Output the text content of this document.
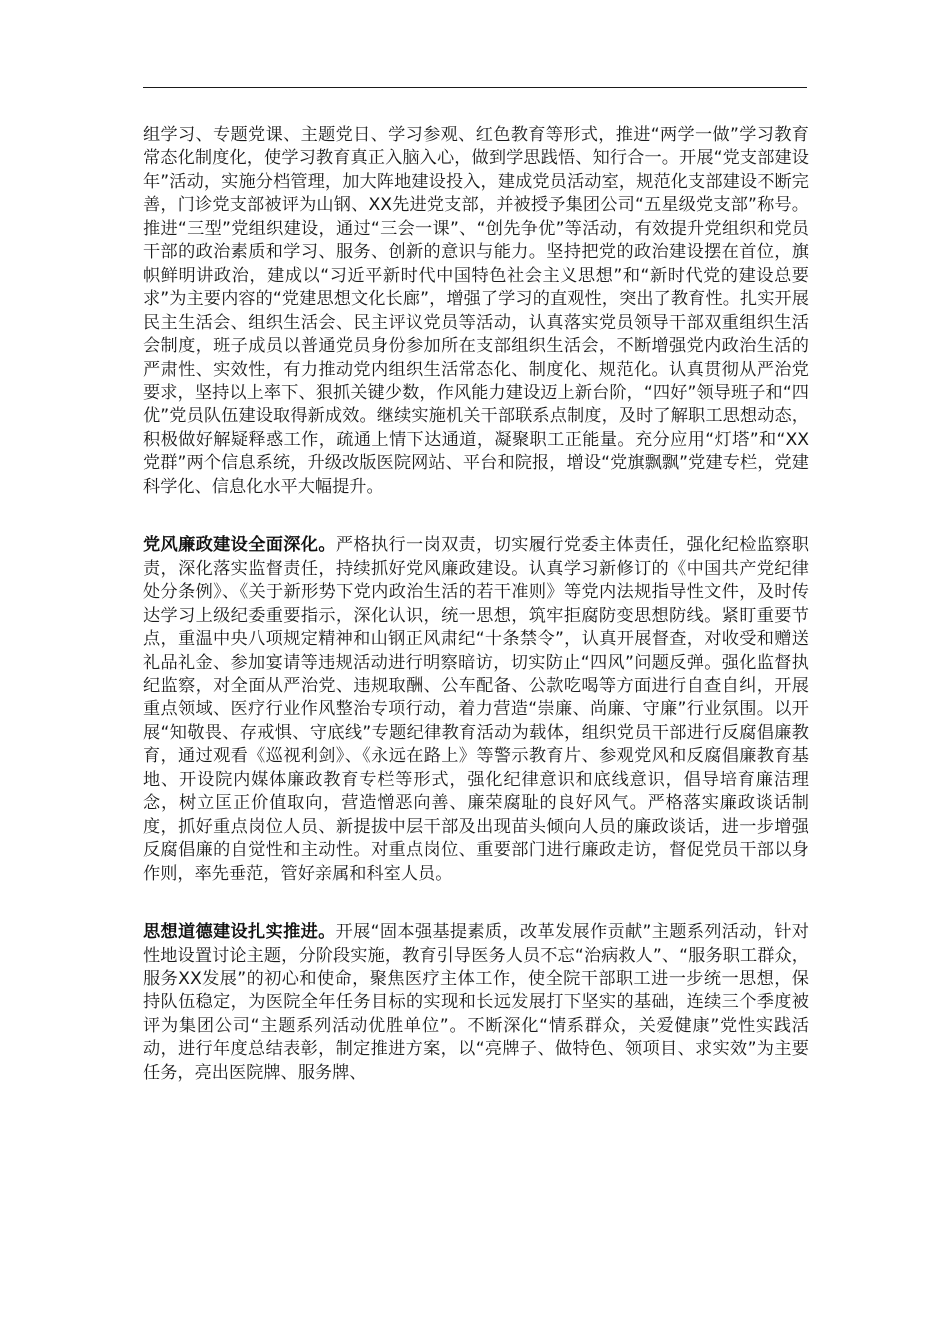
组学习、专题党课、主题党日、学习参观、红色教育等形式，推进“两学一做”学习教育常态化制度化，使学习教育真正入脑入心，做到学思践悟、知行合一。开展“党支部建设年”活动，实施分档管理，加大阵地建设投入，建成党员活动室，规范化支部建设不断完善，门诊党支部被评为山钢、XX先进党支部，并被授予集团公司“五星级党支部”称号。推进“三型”党组织建设，通过“三会一课”、“创先争优”等活动，有效提升党组织和党员干部的政治素质和学习、服务、创新的意识与能力。坚持把党的政治建设摆在首位，旗帜鲜明讲政治，建成以“习近平新时代中国特色社会主义思想”和“新时代党的建设总要求”为主要内容的“党建思想文化长廊”，增强了学习的直观性，突出了教育性。扎实开展民主生活会、组织生活会、民主评议党员等活动，认真落实党员领导干部双重组织生活会制度，班子成员以普通党员身份参加所在支部组织生活会，不断增强党内政治生活的严肃性、实效性，有力推动党内组织生活常态化、制度化、规范化。认真贯彻从严治党要求，坚持以上率下、狠抓关键少数，作风能力建设迈上新台阶，“四好”领导班子和“四优”党员队伍建设取得新成效。继续实施机关干部联系点制度，及时了解职工思想动态，积极做好解疑释惑工作，疏通上情下达通道，凝聚职工正能量。充分应用“灯塔”和“XX党群”两个信息系统，升级改版医院网站、平台和院报，增设“党旗飘飘”党建专栏，党建科学化、信息化水平大幅提升。

党风廉政建设全面深化。严格执行一岗双责，切实履行党委主体责任，强化纪检监察职责，深化落实监督责任，持续抓好党风廉政建设。认真学习新修订的《中国共产党纪律处分条例》、《关于新形势下党内政治生活的若干准则》等党内法规指导性文件，及时传达学习上级纪委重要指示，深化认识，统一思想，筑牢拒腐防变思想防线。紧盯重要节点，重温中央八项规定精神和山钢正风肃纪“十条禁令”，认真开展督查，对收受和赠送礼品礼金、参加宴请等违规活动进行明察暗访，切实防止“四风”问题反弹。强化监督执纪监察，对全面从严治党、违规取酬、公车配备、公款吃喝等方面进行自查自纠，开展重点领域、医疗行业作风整治专项行动，着力营造“崇廉、尚廉、守廉”行业氛围。以开展“知敬畏、存戒惧、守底线”专题纪律教育活动为载体，组织党员干部进行反腐倡廉教育，通过观看《巡视利剑》、《永远在路上》等警示教育片、参观党风和反腐倡廉教育基地、开设院内媒体廉政教育专栏等形式，强化纪律意识和底线意识，倡导培育廉洁理念，树立匡正价值取向，营造憎恶向善、廉荣腐耻的良好风气。严格落实廉政谈话制度，抓好重点岗位人员、新提拔中层干部及出现苗头倾向人员的廉政谈话，进一步增强反腐倡廉的自觉性和主动性。对重点岗位、重要部门进行廉政走访，督促党员干部以身作则，率先垂范，管好亲属和科室人员。

思想道德建设扎实推进。开展“固本强基提素质，改革发展作贡献”主题系列活动，针对性地设置讨论主题，分阶段实施，教育引导医务人员不忘“治病救人”、“服务职工群众，服务XX发展”的初心和使命，聚焦医疗主体工作，使全院干部职工进一步统一思想，保持队伍稳定，为医院全年任务目标的实现和长远发展打下坚实的基础，连续三个季度被评为集团公司“主题系列活动优胜单位”。不断深化“情系群众，关爱健康”党性实践活动，进行年度总结表彰，制定推进方案，以“亮牌子、做特色、领项目、求实效”为主要任务，亮出医院牌、服务牌、
